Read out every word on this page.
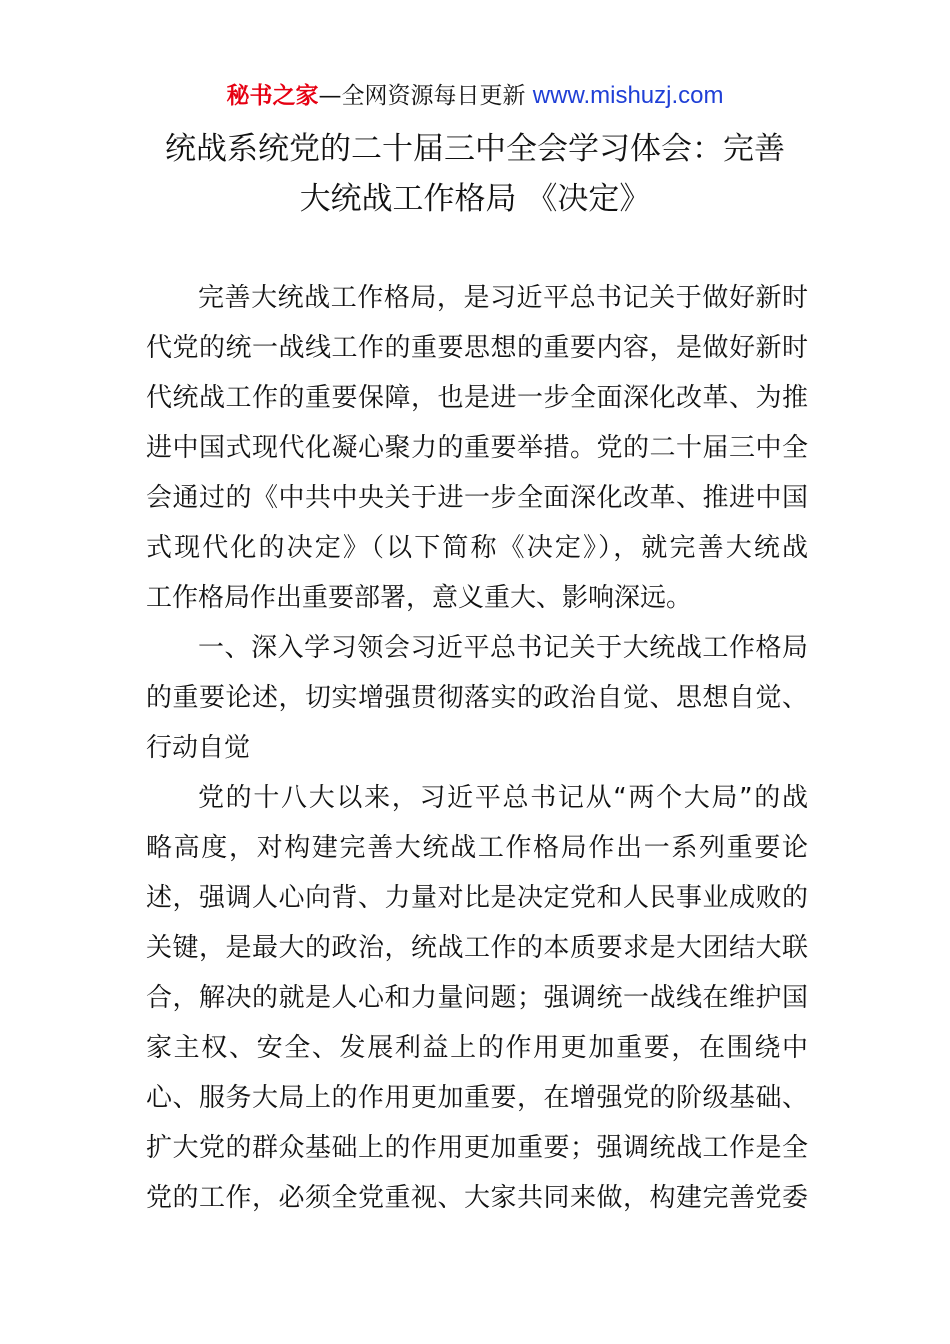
秘书之家—全网资源每日更新 www.mishuzj.com
统战系统党的二十届三中全会学习体会：完善
大统战工作格局 《决定》
完善大统战工作格局，是习近平总书记关于做好新时
代党的统一战线工作的重要思想的重要内容，是做好新时
代统战工作的重要保障，也是进一步全面深化改革、为推
进中国式现代化凝心聚力的重要举措。党的二十届三中全
会通过的《中共中央关于进一步全面深化改革、推进中国
式现代化的决定》（以下简称《决定》），就完善大统战
工作格局作出重要部署，意义重大、影响深远。
一、深入学习领会习近平总书记关于大统战工作格局
的重要论述，切实增强贯彻落实的政治自觉、思想自觉、
行动自觉
党的十八大以来，习近平总书记从“两个大局”的战
略高度，对构建完善大统战工作格局作出一系列重要论
述，强调人心向背、力量对比是决定党和人民事业成败的
关键，是最大的政治，统战工作的本质要求是大团结大联
合，解决的就是人心和力量问题；强调统一战线在维护国
家主权、安全、发展利益上的作用更加重要，在围绕中
心、服务大局上的作用更加重要，在增强党的阶级基础、
扩大党的群众基础上的作用更加重要；强调统战工作是全
党的工作，必须全党重视、大家共同来做，构建完善党委
